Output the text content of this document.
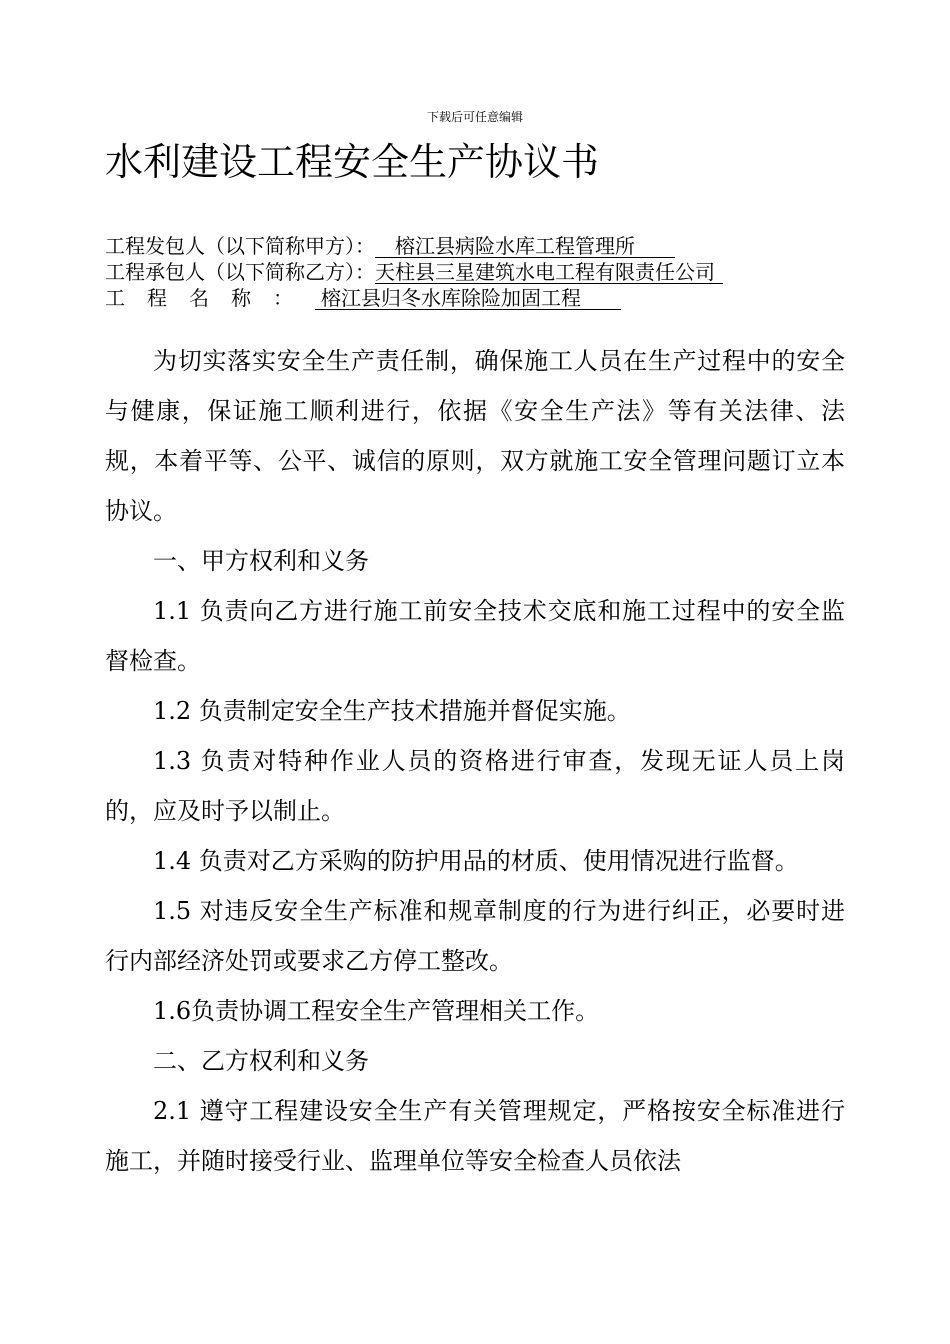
下载后可任意编辑
水利建设工程安全生产协议书
工程发包人（以下简称甲方）： 榕江县病险水库工程管理所
工程承包人（以下简称乙方）：天柱县三星建筑水电工程有限责任公司
工程名称： 榕江县归冬水库除险加固工程

为切实落实安全生产责任制，确保施工人员在生产过程中的安全与健康，保证施工顺利进行，依据《安全生产法》等有关法律、法规，本着平等、公平、诚信的原则，双方就施工安全管理问题订立本协议。

一、甲方权利和义务

1.1 负责向乙方进行施工前安全技术交底和施工过程中的安全监督检查。

1.2 负责制定安全生产技术措施并督促实施。

1.3 负责对特种作业人员的资格进行审查，发现无证人员上岗的，应及时予以制止。

1.4 负责对乙方采购的防护用品的材质、使用情况进行监督。

1.5 对违反安全生产标准和规章制度的行为进行纠正，必要时进行内部经济处罚或要求乙方停工整改。

1.6负责协调工程安全生产管理相关工作。

二、乙方权利和义务

2.1 遵守工程建设安全生产有关管理规定，严格按安全标准进行施工，并随时接受行业、监理单位等安全检查人员依法
